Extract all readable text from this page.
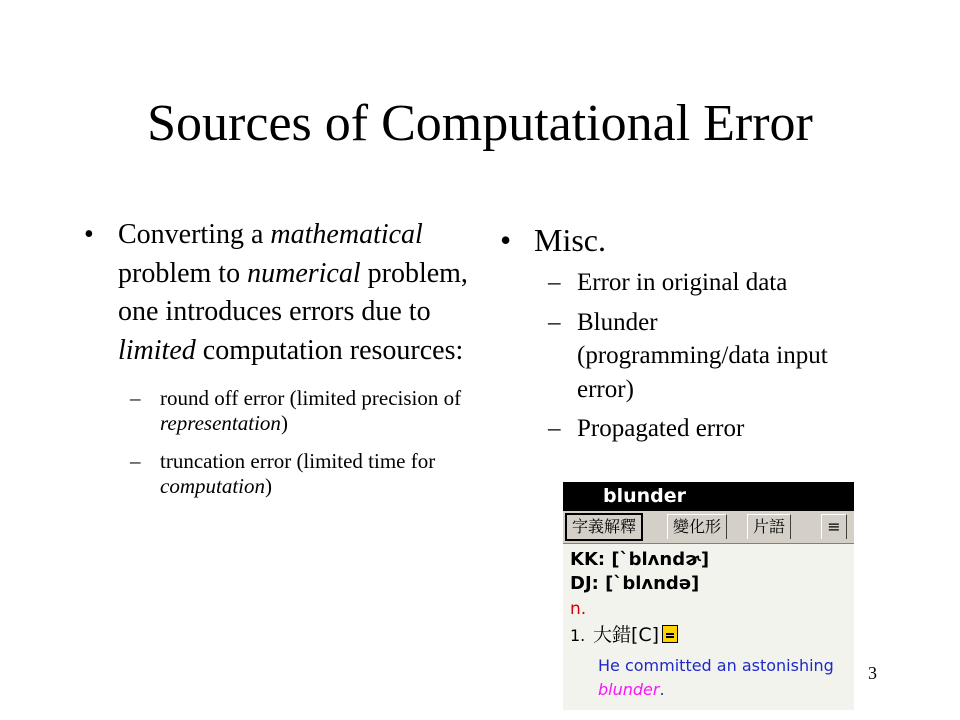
Sources of Computational Error
• Converting a mathematical problem to numerical problem, one introduces errors due to limited computation resources:
– round off error (limited precision of representation)
– truncation error (limited time for computation)
• Misc.
– Error in original data
– Blunder (programming/data input error)
– Propagated error
blunder
字義解釋	變化形	片語	≡
KK: [ˋblʌndɚ]
DJ: [ˋblʌndə]
n.
1. 大錯[C]
He committed an astonishing blunder.
3
